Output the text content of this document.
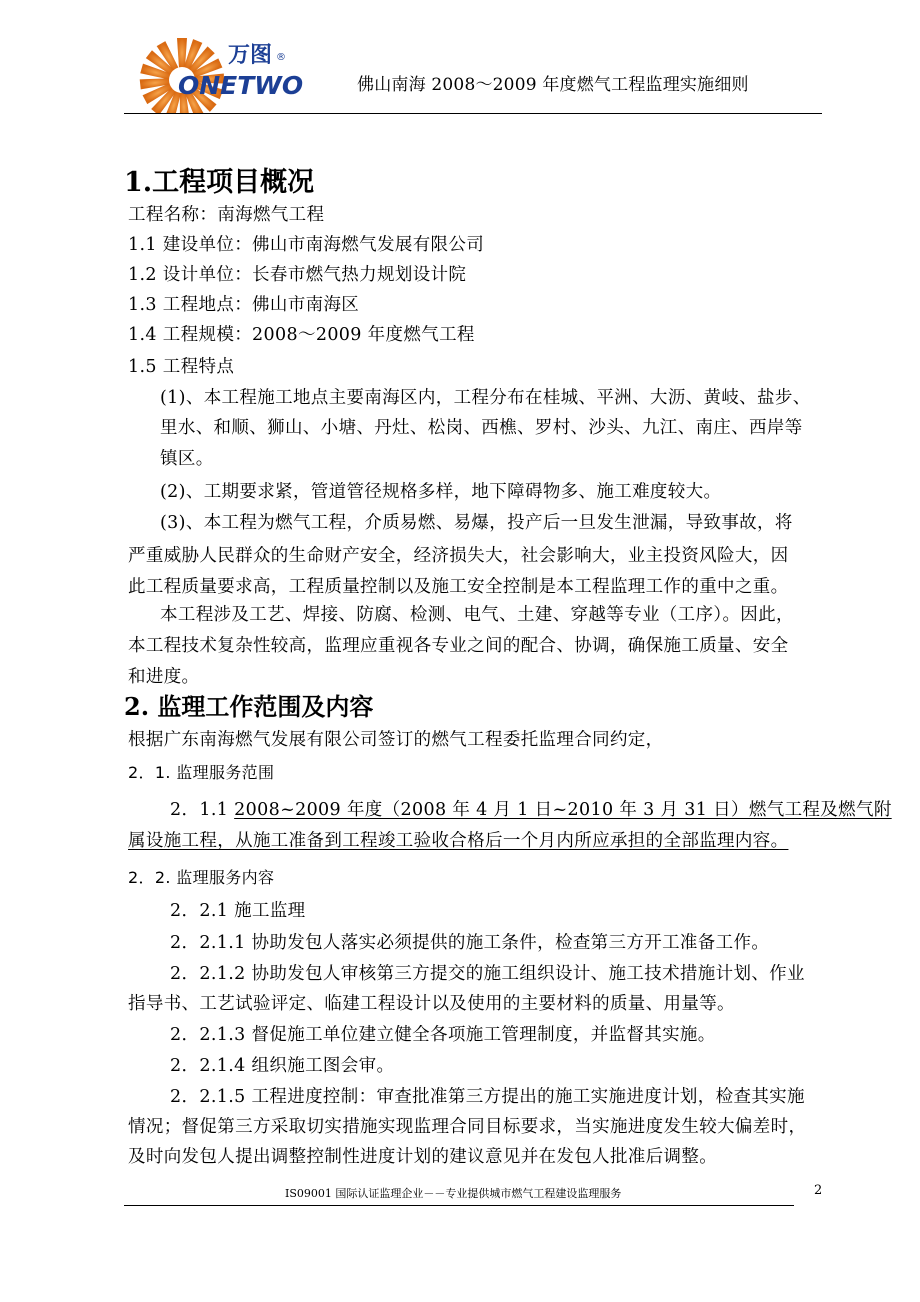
万图 ®
ONETWO	佛山南海 2008～2009 年度燃气工程监理实施细则
1.工程项目概况
工程名称：南海燃气工程
1.1 建设单位：佛山市南海燃气发展有限公司
1.2 设计单位：长春市燃气热力规划设计院
1.3 工程地点：佛山市南海区
1.4 工程规模：2008～2009 年度燃气工程
1.5 工程特点
(1)、本工程施工地点主要南海区内，工程分布在桂城、平洲、大沥、黄岐、盐步、
里水、和顺、狮山、小塘、丹灶、松岗、西樵、罗村、沙头、九江、南庄、西岸等
镇区。
(2)、工期要求紧，管道管径规格多样，地下障碍物多、施工难度较大。
(3)、本工程为燃气工程，介质易燃、易爆，投产后一旦发生泄漏，导致事故，将
严重威胁人民群众的生命财产安全，经济损失大，社会影响大，业主投资风险大，因
此工程质量要求高，工程质量控制以及施工安全控制是本工程监理工作的重中之重。
本工程涉及工艺、焊接、防腐、检测、电气、土建、穿越等专业（工序）。因此，
本工程技术复杂性较高，监理应重视各专业之间的配合、协调，确保施工质量、安全
和进度。
2. 监理工作范围及内容
根据广东南海燃气发展有限公司签订的燃气工程委托监理合同约定，
2．1. 监理服务范围
2．1.1 2008~2009 年度（2008 年 4 月 1 日~2010 年 3 月 31 日）燃气工程及燃气附
属设施工程，从施工准备到工程竣工验收合格后一个月内所应承担的全部监理内容。
2．2. 监理服务内容
2．2.1 施工监理
2．2.1.1 协助发包人落实必须提供的施工条件，检查第三方开工准备工作。
2．2.1.2 协助发包人审核第三方提交的施工组织设计、施工技术措施计划、作业
指导书、工艺试验评定、临建工程设计以及使用的主要材料的质量、用量等。
2．2.1.3 督促施工单位建立健全各项施工管理制度，并监督其实施。
2．2.1.4 组织施工图会审。
2．2.1.5 工程进度控制：审查批准第三方提出的施工实施进度计划，检查其实施
情况；督促第三方采取切实措施实现监理合同目标要求，当实施进度发生较大偏差时，
及时向发包人提出调整控制性进度计划的建议意见并在发包人批准后调整。
IS09001 国际认证监理企业－－专业提供城市燃气工程建设监理服务	2
